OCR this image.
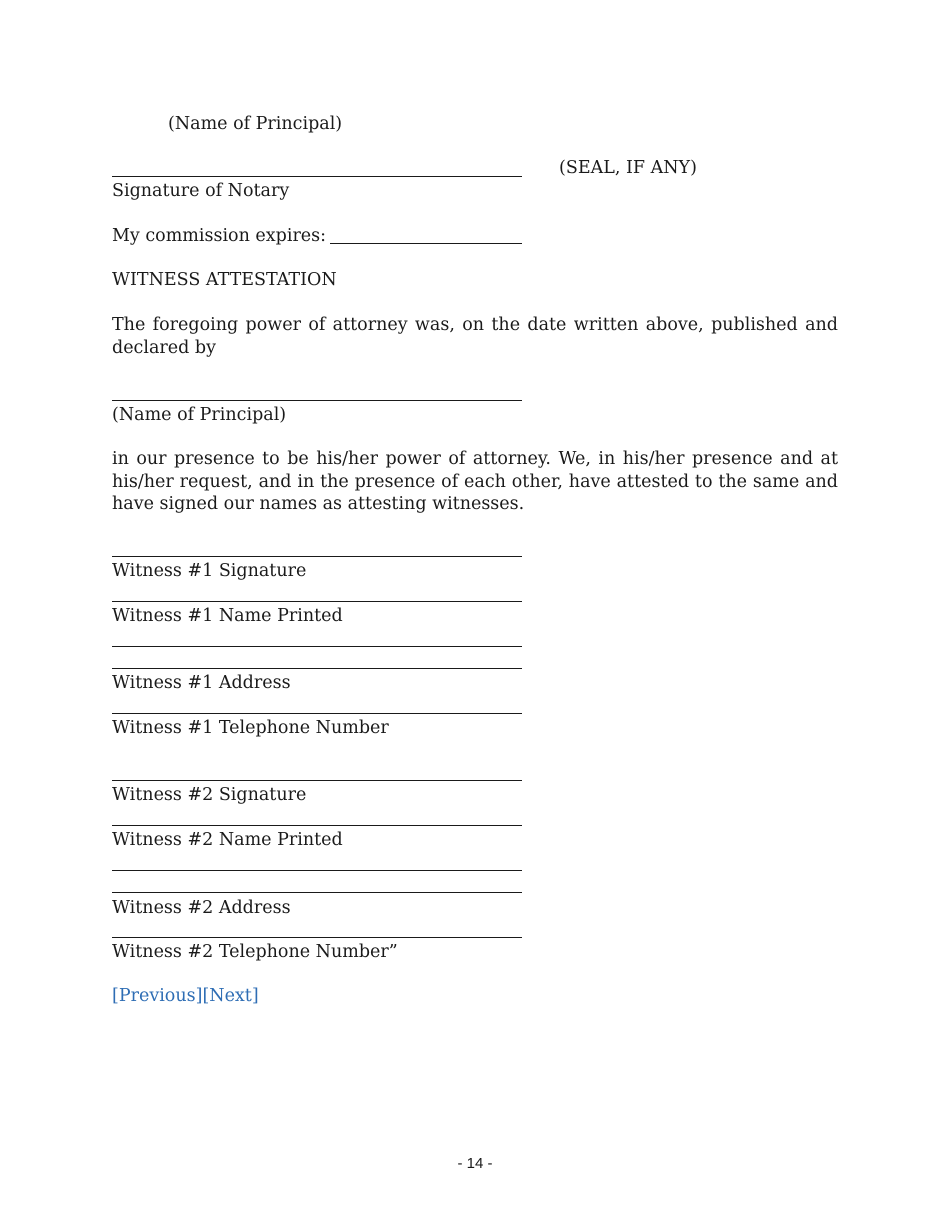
(Name of Principal)
(SEAL, IF ANY)
Signature of Notary
My commission expires:
WITNESS ATTESTATION
The foregoing power of attorney was, on the date written above, published and declared by
(Name of Principal)
in our presence to be his/her power of attorney. We, in his/her presence and at his/her request, and in the presence of each other, have attested to the same and have signed our names as attesting witnesses.
Witness #1 Signature
Witness #1 Name Printed
Witness #1 Address
Witness #1 Telephone Number
Witness #2 Signature
Witness #2 Name Printed
Witness #2 Address
Witness #2 Telephone Number”
[Previous][Next]
- 14 -
